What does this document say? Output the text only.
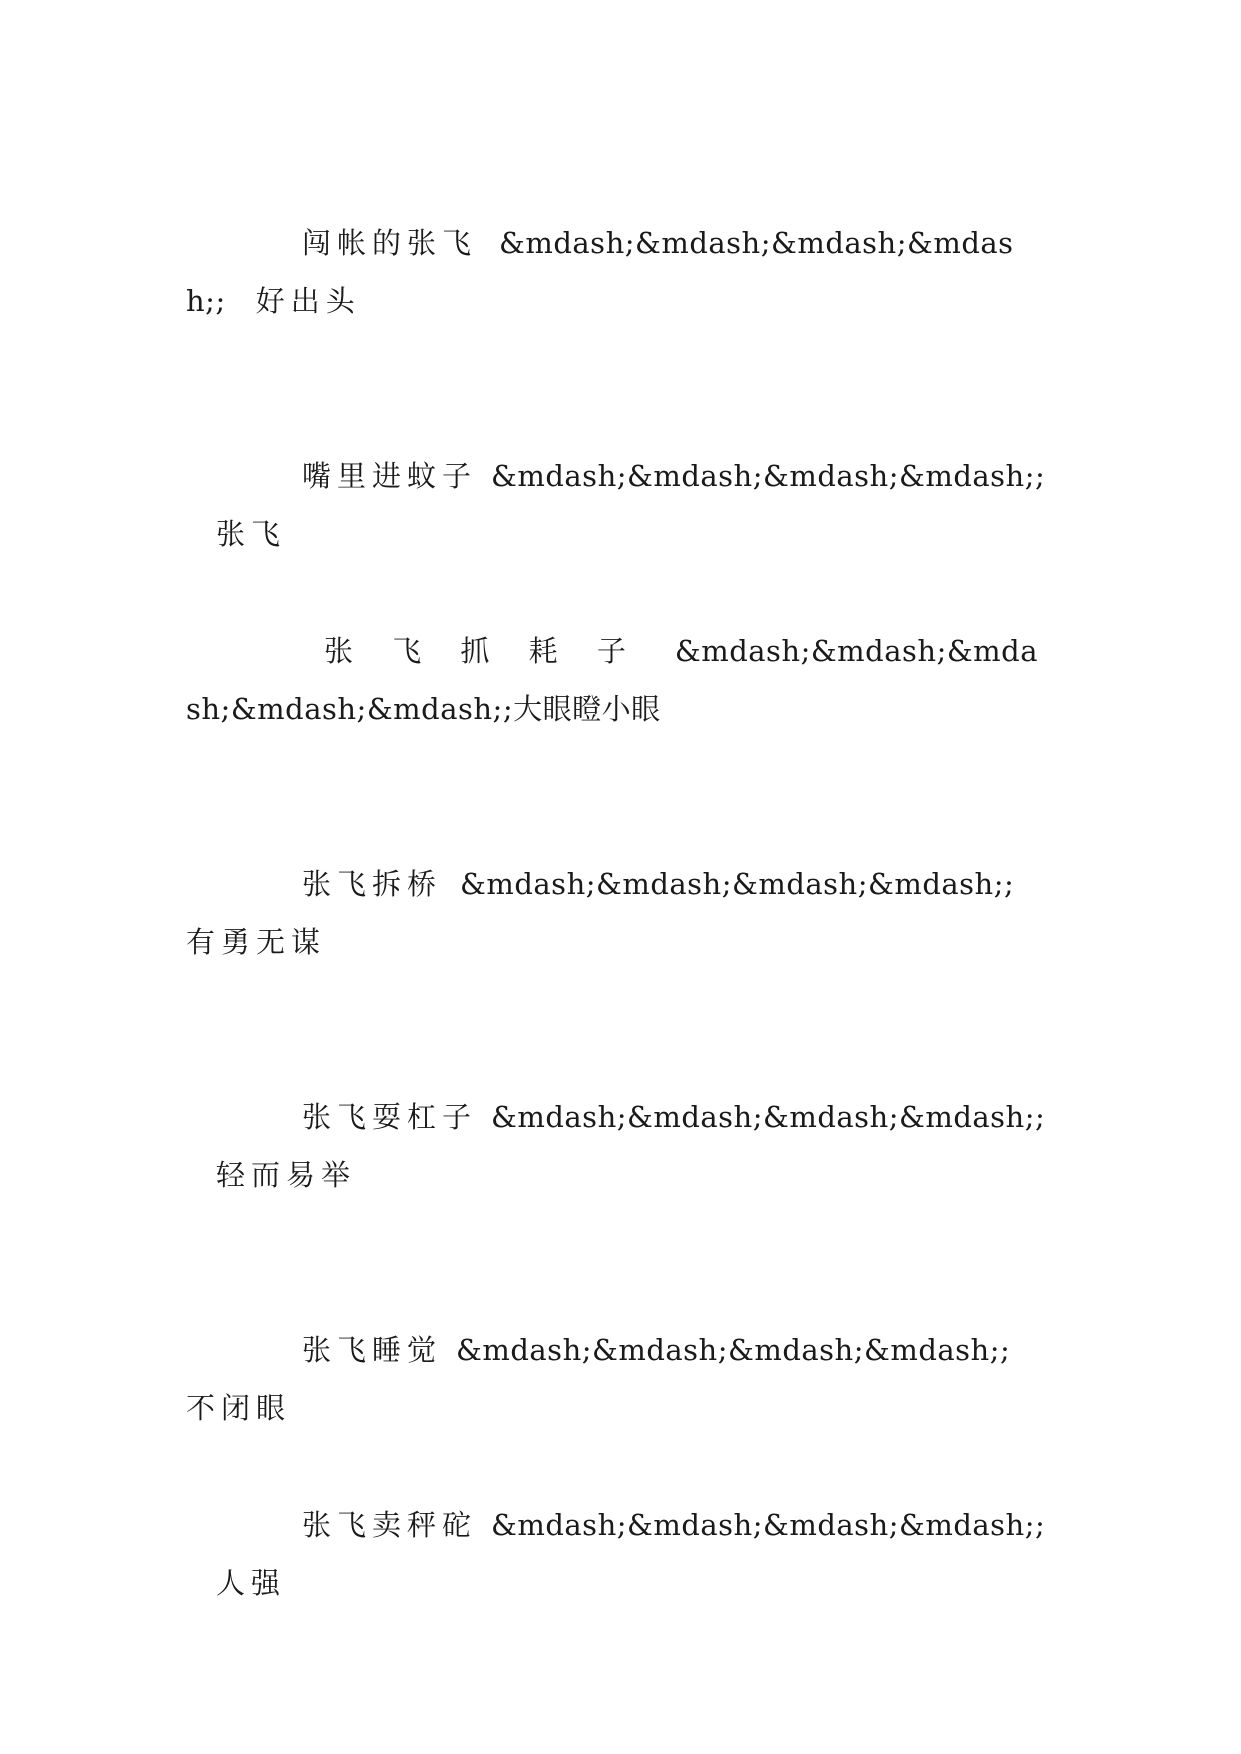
闯帐的张飞 &mdash;&mdash;&mdash;&mdash;; 好出头
嘴里进蚊子 &mdash;&mdash;&mdash;&mdash;;张飞
张 飞 抓 耗 子 &mdash;&mdash;&mdash;&mdash;&mdash;;大眼瞪小眼
张飞拆桥 &mdash;&mdash;&mdash;&mdash;;有勇无谋
张飞耍杠子 &mdash;&mdash;&mdash;&mdash;;轻而易举
张飞睡觉 &mdash;&mdash;&mdash;&mdash;;不闭眼
张飞卖秤砣 &mdash;&mdash;&mdash;&mdash;;人强
